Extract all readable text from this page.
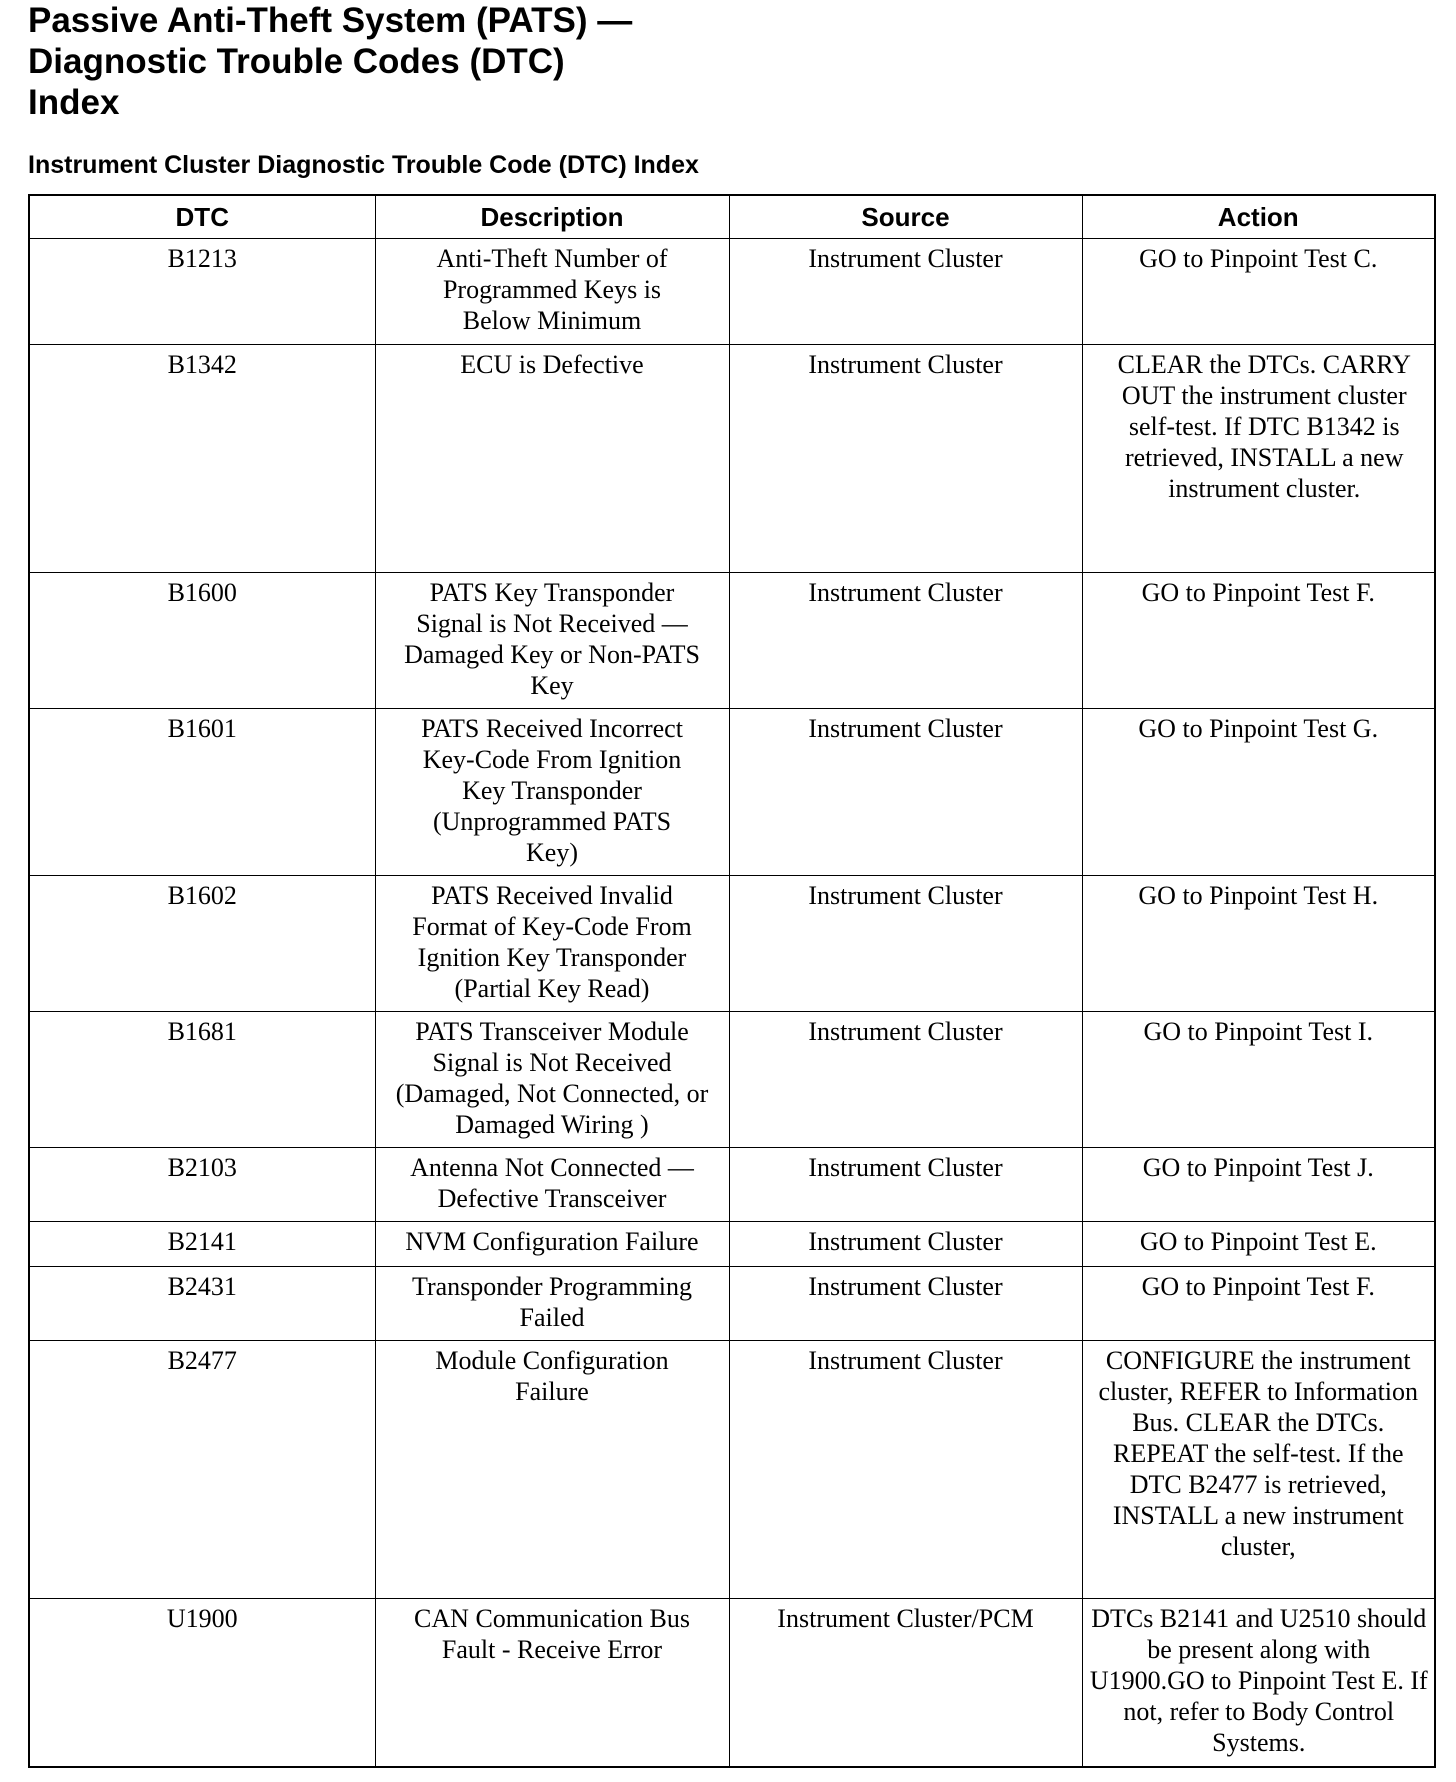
Passive Anti-Theft System (PATS) —
Diagnostic Trouble Codes (DTC)
Index
Instrument Cluster Diagnostic Trouble Code (DTC) Index
DTC	Description	Source	Action
B1213	Anti-Theft Number of Programmed Keys is Below Minimum	Instrument Cluster	GO to Pinpoint Test C.
B1342	ECU is Defective	Instrument Cluster	CLEAR the DTCs. CARRY OUT the instrument cluster self-test. If DTC B1342 is retrieved, INSTALL a new instrument cluster.
B1600	PATS Key Transponder Signal is Not Received — Damaged Key or Non-PATS Key	Instrument Cluster	GO to Pinpoint Test F.
B1601	PATS Received Incorrect Key-Code From Ignition Key Transponder (Unprogrammed PATS Key)	Instrument Cluster	GO to Pinpoint Test G.
B1602	PATS Received Invalid Format of Key-Code From Ignition Key Transponder (Partial Key Read)	Instrument Cluster	GO to Pinpoint Test H.
B1681	PATS Transceiver Module Signal is Not Received (Damaged, Not Connected, or Damaged Wiring )	Instrument Cluster	GO to Pinpoint Test I.
B2103	Antenna Not Connected — Defective Transceiver	Instrument Cluster	GO to Pinpoint Test J.
B2141	NVM Configuration Failure	Instrument Cluster	GO to Pinpoint Test E.
B2431	Transponder Programming Failed	Instrument Cluster	GO to Pinpoint Test F.
B2477	Module Configuration Failure	Instrument Cluster	CONFIGURE the instrument cluster, REFER to Information Bus. CLEAR the DTCs. REPEAT the self-test. If the DTC B2477 is retrieved, INSTALL a new instrument cluster,
U1900	CAN Communication Bus Fault - Receive Error	Instrument Cluster/PCM	DTCs B2141 and U2510 should be present along with U1900.GO to Pinpoint Test E. If not, refer to Body Control Systems.
